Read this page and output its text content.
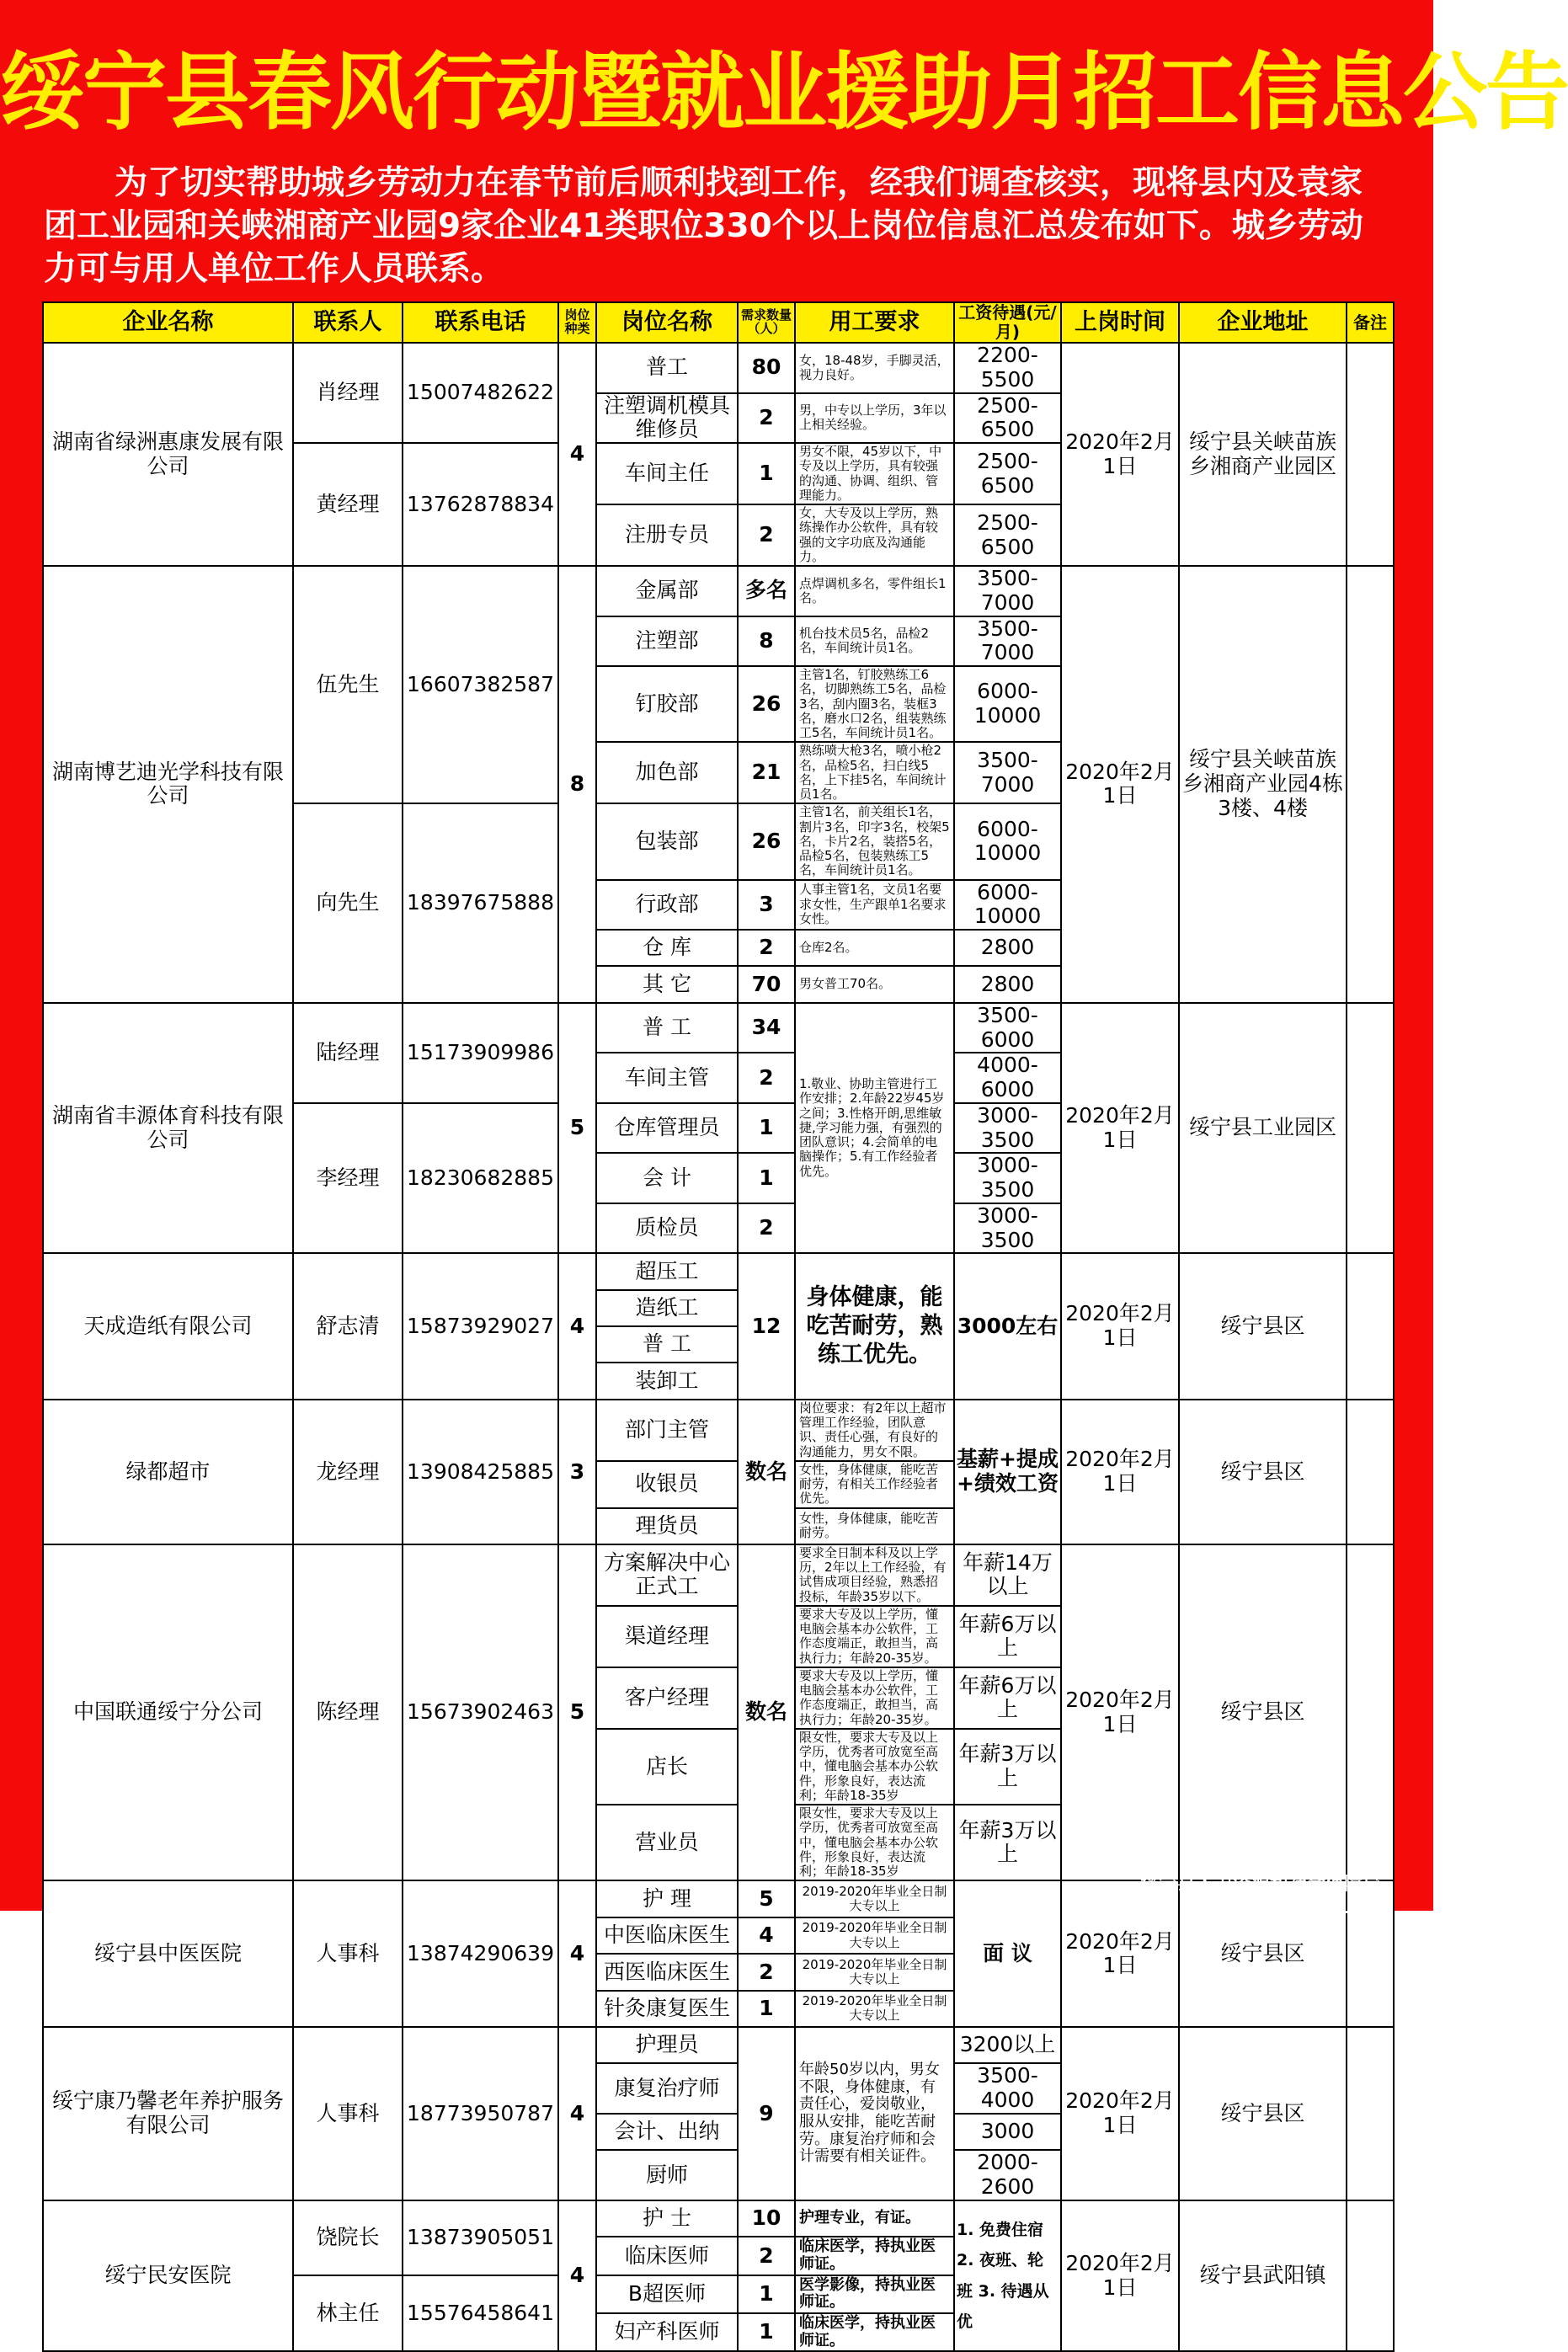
绥宁县春风行动暨就业援助月招工信息公告
为了切实帮助城乡劳动力在春节前后顺利找到工作，经我们调查核实，现将县内及袁家团工业园和关峡湘商产业园9家企业41类职位330个以上岗位信息汇总发布如下。城乡劳动力可与用人单位工作人员联系。
企业名称	联系人	联系电话	岗位种类	岗位名称	需求数量（人）	用工要求	工资待遇(元/月)	上岗时间	企业地址	备注
湖南省绿洲惠康发展有限公司	肖经理	15007482622	4	普工	80	女，18-48岁，手脚灵活，视力良好。	2200-5500	2020年2月1日	绥宁县关峡苗族乡湘商产业园区	
				注塑调机模具维修员	2	男，中专以上学历，3年以上相关经验。	2500-6500			
	黄经理	13762878834		车间主任	1	男女不限，45岁以下，中专及以上学历，具有较强的沟通、协调、组织、管理能力。	2500-6500			
				注册专员	2	女，大专及以上学历，熟练操作办公软件，具有较强的文字功底及沟通能力。	2500-6500			
湖南博艺迪光学科技有限公司	伍先生	16607382587	8	金属部	多名	点焊调机多名，零件组长1名。	3500-7000	2020年2月1日	绥宁县关峡苗族乡湘商产业园4栋3楼、4楼	
				注塑部	8	机台技术员5名，品检2名，车间统计员1名。	3500-7000			
				钉胶部	26	主管1名，钉胶熟练工6名，切脚熟练工5名，品检3名，刮内圈3名，装框3名，磨水口2名，组装熟练工5名，车间统计员1名。	6000-10000			
				加色部	21	熟练喷大枪3名，喷小枪2名，品检5名，扫白线5名，上下挂5名，车间统计员1名。	3500-7000			
	向先生	18397675888		包装部	26	主管1名，前关组长1名，割片3名，印字3名，校架5名，卡片2名，装搭5名，品检5名，包装熟练工5名，车间统计员1名。	6000-10000			
				行政部	3	人事主管1名，文员1名要求女性，生产跟单1名要求女性。	6000-10000			
				仓 库	2	仓库2名。	2800			
				其 它	70	男女普工70名。	2800			
湖南省丰源体育科技有限公司	陆经理	15173909986	5	普 工	34	1.敬业、协助主管进行工作安排；2.年龄22岁45岁之间；3.性格开朗,思维敏捷,学习能力强，有强烈的团队意识；4.会简单的电脑操作；5.有工作经验者优先。	3500-6000	2020年2月1日	绥宁县工业园区	
				车间主管	2		4000-6000			
	李经理	18230682885		仓库管理员	1		3000-3500			
				会 计	1		3000-3500			
				质检员	2		3000-3500			
天成造纸有限公司	舒志清	15873929027	4	超压工	12	身体健康，能吃苦耐劳，熟练工优先。	3000左右	2020年2月1日	绥宁县区	
				造纸工						
				普 工						
				装卸工						
绿都超市	龙经理	13908425885	3	部门主管	数名	岗位要求：有2年以上超市管理工作经验，团队意识、责任心强，有良好的沟通能力，男女不限。	基薪+提成+绩效工资	2020年2月1日	绥宁县区	
				收银员		女性，身体健康，能吃苦耐劳，有相关工作经验者优先。				
				理货员		女性，身体健康，能吃苦耐劳。				
中国联通绥宁分公司	陈经理	15673902463	5	方案解决中心正式工	数名	要求全日制本科及以上学历，2年以上工作经验，有试售成项目经验，熟悉招投标，年龄35岁以下。	年薪14万以上	2020年2月1日	绥宁县区	
				渠道经理		要求大专及以上学历，懂电脑会基本办公软件，工作态度端正，敢担当，高执行力；年龄20-35岁。	年薪6万以上			
				客户经理		要求大专及以上学历，懂电脑会基本办公软件，工作态度端正，敢担当，高执行力；年龄20-35岁。	年薪6万以上			
				店长		限女性，要求大专及以上学历，优秀者可放宽至高中，懂电脑会基本办公软件，形象良好，表达流利；年龄18-35岁	年薪3万以上			
				营业员		限女性，要求大专及以上学历，优秀者可放宽至高中，懂电脑会基本办公软件，形象良好，表达流利；年龄18-35岁	年薪3万以上			
绥宁县中医医院	人事科	13874290639	4	护 理	5	2019-2020年毕业全日制大专以上	面 议	2020年2月1日	绥宁县区	
				中医临床医生	4	2019-2020年毕业全日制大专以上				
				西医临床医生	2	2019-2020年毕业全日制大专以上				
				针灸康复医生	1	2019-2020年毕业全日制大专以上				
绥宁康乃馨老年养护服务有限公司	人事科	18773950787	4	护理员	9	年龄50岁以内，男女不限，身体健康，有责任心，爱岗敬业，服从安排，能吃苦耐劳。康复治疗师和会计需要有相关证件。	3200以上	2020年2月1日	绥宁县区	
				康复治疗师			3500-4000			
				会计、出纳			3000			
				厨师			2000-2600			
绥宁民安医院	饶院长	13873905051	4	护 士	10	护理专业，有证。	1. 免费住宿 2. 夜班、轮班 3. 待遇从优	2020年2月1日	绥宁县武阳镇	
				临床医师	2	临床医学，持执业医师证。				
	林主任	15576458641		B超医师	1	医学影像，持执业医师证。				
				妇产科医师	1	临床医学，持执业医师证。				
绥宁县人力资源和社会保障局
2020年元月15日
